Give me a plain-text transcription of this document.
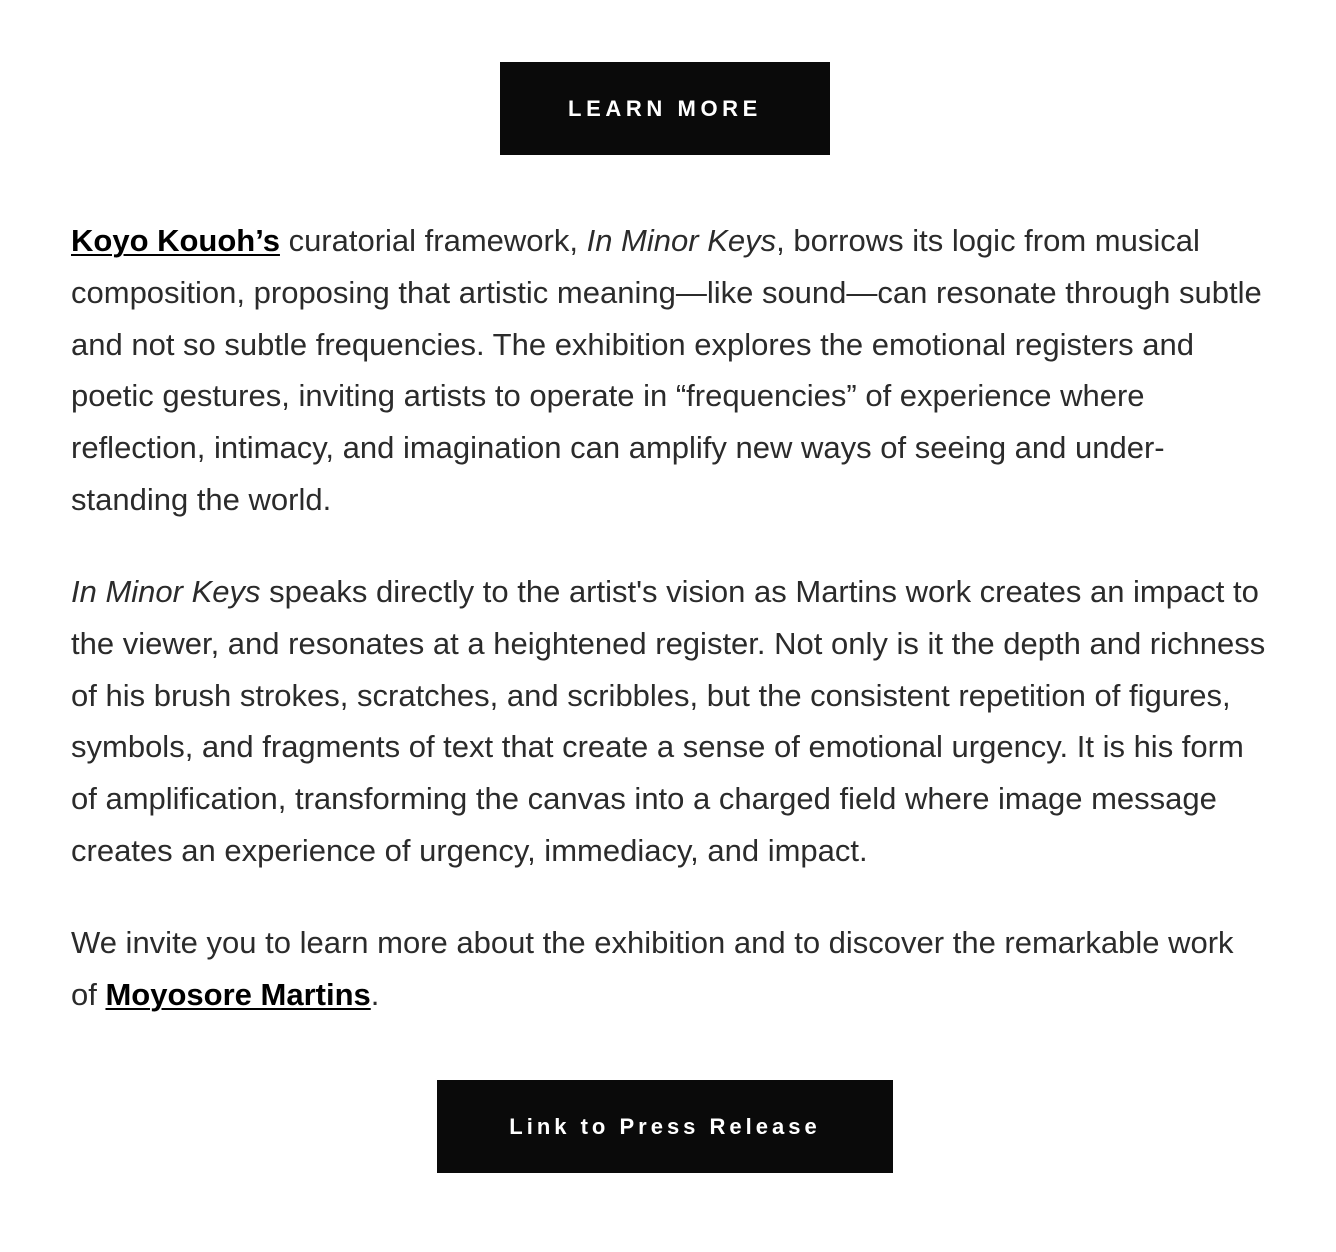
LEARN MORE

Koyo Kouoh’s curatorial framework, In Minor Keys, borrows its logic from musical composition, proposing that artistic meaning—like sound—can resonate through subtle and not so subtle frequencies. The exhibition explores the emotional registers and poetic gestures, inviting artists to operate in “frequencies” of experience where reflection, intimacy, and imagination can amplify new ways of seeing and understanding the world.

In Minor Keys speaks directly to the artist's vision as Martins work creates an impact to the viewer, and resonates at a heightened register. Not only is it the depth and richness of his brush strokes, scratches, and scribbles, but the consistent repetition of figures, symbols, and fragments of text that create a sense of emotional urgency. It is his form of amplification, transforming the canvas into a charged field where image message creates an experience of urgency, immediacy, and impact.

We invite you to learn more about the exhibition and to discover the remarkable work of Moyosore Martins.

Link to Press Release
